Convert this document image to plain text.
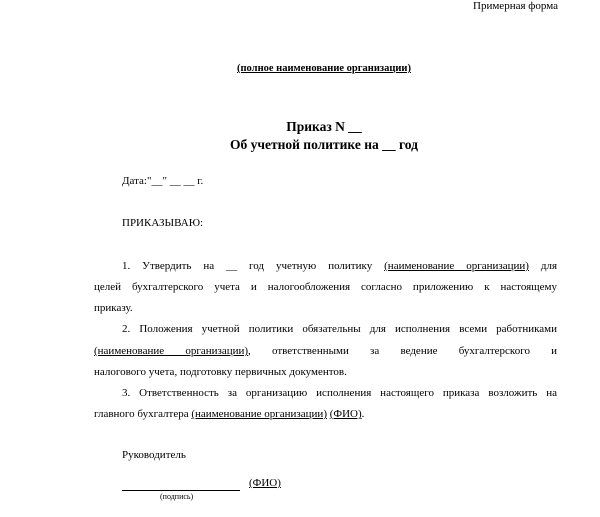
Примерная форма
(полное наименование организации)
Приказ N __
Об учетной политике на __ год
Дата:"__" __ __ г.
ПРИКАЗЫВАЮ:
1. Утвердить на __ год учетную политику (наименование организации) для
целей бухгалтерского учета и налогообложения согласно приложению к настоящему
приказу.
2. Положения учетной политики обязательны для исполнения всеми работниками
(наименование организации), ответственными за ведение бухгалтерского и
налогового учета, подготовку первичных документов.
3. Ответственность за организацию исполнения настоящего приказа возложить на
главного бухгалтера (наименование организации) (ФИО).
Руководитель
(ФИО)
(подпись)
